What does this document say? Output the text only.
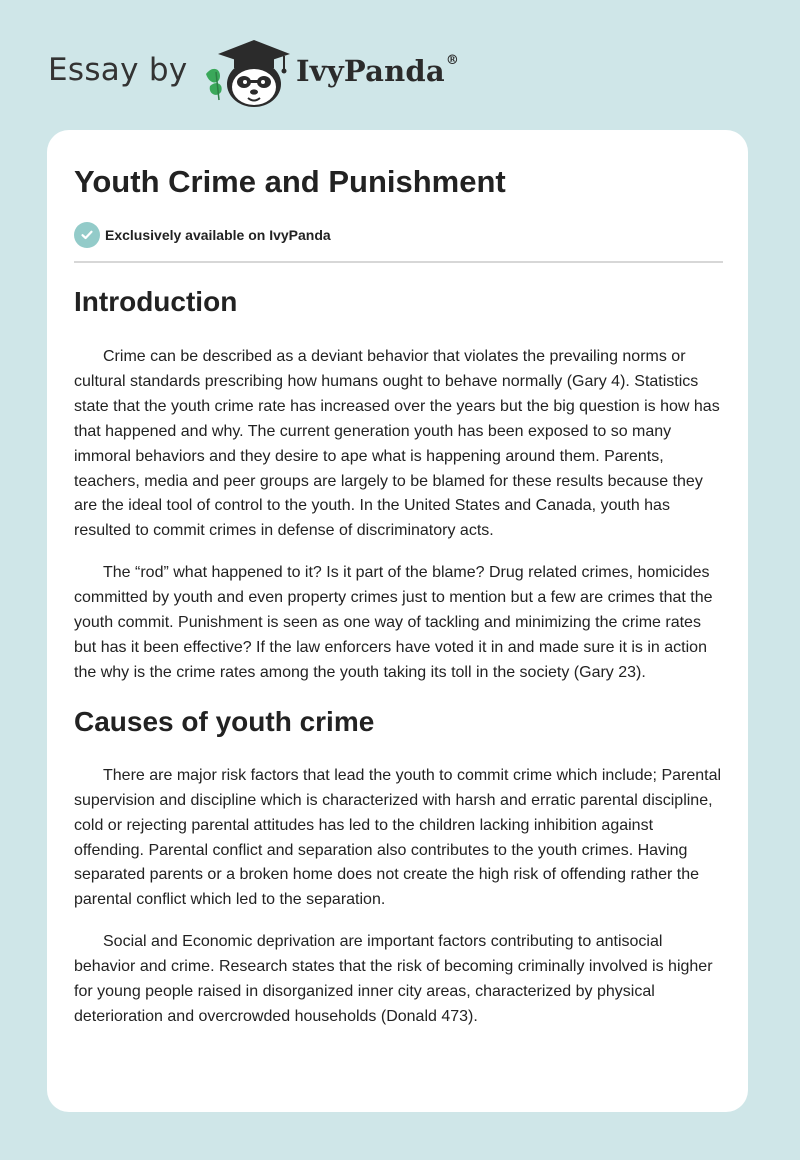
Essay by	IvyPanda®
Youth Crime and Punishment
Exclusively available on IvyPanda
Introduction

Crime can be described as a deviant behavior that violates the prevailing norms or cultural standards prescribing how humans ought to behave normally (Gary 4). Statistics state that the youth crime rate has increased over the years but the big question is how has that happened and why. The current generation youth has been exposed to so many immoral behaviors and they desire to ape what is happening around them. Parents, teachers, media and peer groups are largely to be blamed for these results because they are the ideal tool of control to the youth. In the United States and Canada, youth has resulted to commit crimes in defense of discriminatory acts.

The “rod” what happened to it? Is it part of the blame? Drug related crimes, homicides committed by youth and even property crimes just to mention but a few are crimes that the youth commit. Punishment is seen as one way of tackling and minimizing the crime rates but has it been effective? If the law enforcers have voted it in and made sure it is in action the why is the crime rates among the youth taking its toll in the society (Gary 23).

Causes of youth crime

There are major risk factors that lead the youth to commit crime which include; Parental supervision and discipline which is characterized with harsh and erratic parental discipline, cold or rejecting parental attitudes has led to the children lacking inhibition against offending. Parental conflict and separation also contributes to the youth crimes. Having separated parents or a broken home does not create the high risk of offending rather the parental conflict which led to the separation.

Social and Economic deprivation are important factors contributing to antisocial behavior and crime. Research states that the risk of becoming criminally involved is higher for young people raised in disorganized inner city areas, characterized by physical deterioration and overcrowded households (Donald 473).
